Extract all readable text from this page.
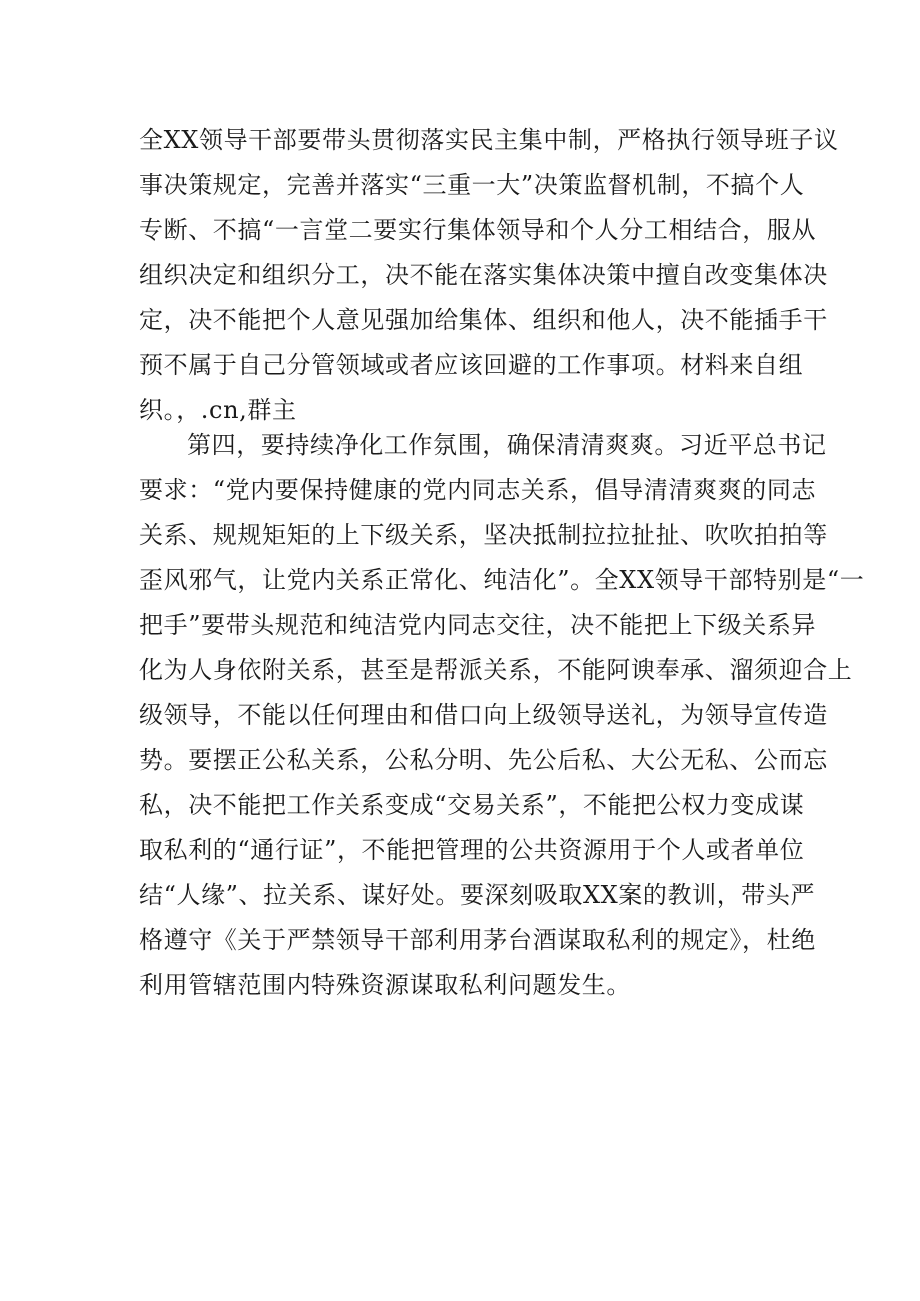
全XX领导干部要带头贯彻落实民主集中制，严格执行领导班子议
事决策规定，完善并落实“三重一大”决策监督机制，不搞个人
专断、不搞“一言堂二要实行集体领导和个人分工相结合，服从
组织决定和组织分工，决不能在落实集体决策中擅自改变集体决
定，决不能把个人意见强加给集体、组织和他人，决不能插手干
预不属于自己分管领域或者应该回避的工作事项。材料来自组
织。，.cn,群主
第四，要持续净化工作氛围，确保清清爽爽。习近平总书记
要求：“党内要保持健康的党内同志关系，倡导清清爽爽的同志
关系、规规矩矩的上下级关系，坚决抵制拉拉扯扯、吹吹拍拍等
歪风邪气，让党内关系正常化、纯洁化”。全XX领导干部特别是“一
把手”要带头规范和纯洁党内同志交往，决不能把上下级关系异
化为人身依附关系，甚至是帮派关系，不能阿谀奉承、溜须迎合上
级领导，不能以任何理由和借口向上级领导送礼，为领导宣传造
势。要摆正公私关系，公私分明、先公后私、大公无私、公而忘
私，决不能把工作关系变成“交易关系”，不能把公权力变成谋
取私利的“通行证”，不能把管理的公共资源用于个人或者单位
结“人缘”、拉关系、谋好处。要深刻吸取XX案的教训，带头严
格遵守《关于严禁领导干部利用茅台酒谋取私利的规定》，杜绝
利用管辖范围内特殊资源谋取私利问题发生。
